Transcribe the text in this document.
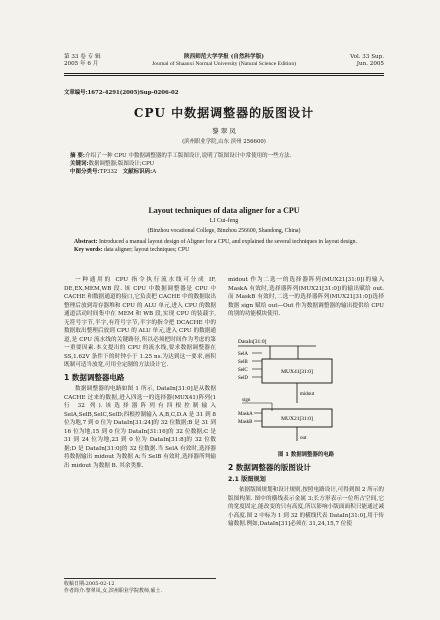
第 33 卷 专 辑
2005 年 6 月
陕西师范大学学报 (自然科学版)
Journal of Shaanxi Normal University (Natural Science Edition)
Vol. 33 Sup.
Jun. 2005
文章编号:1672-4291(2005)Sup-0206-02
CPU 中数据调整器的版图设计
黎 翠 凤
(滨州职业学院,山东 滨州 256600)
摘 要:介绍了一种 CPU 中数据调整器的手工版图设计,说明了版图设计中常使用的一些方法.
关键词:数据调整器;版图设计;CPU
中图分类号:TP332 文献标识码:A
Layout techniques of data aligner for a CPU
LI Cui-feng
(Binzhou vocational College, Binzhou 256600, Shandong, China)
Abstract: Introduced a manual layout design of Aligner for a CPU, and explained the several techniques in layout design.
Key words: data aligner; layout techniques; CPU

一种通用的 CPU 指令执行流水线可分成 IF, DE,EX,MEM,WB 段. 该 CPU 中数据调整器是 CPU 中 CACHE 和数据通道的接口,它负责把 CACHE 中的数据取出整理后放到寄存器堆和 CPU 的 ALU 单元,进入 CPU 的数据通道活动时间集中在 MEM 和 WB 段,实现 CPU 的装载字,无符号字节,半字,有符号字节,半字的指令把 DCACHE 中的数据取出整理后放到 CPU 的 ALU 单元,进入 CPU 的数据通道,是 CPU 流水线的关键路径,所以必须把时间作为考虑的第一重要因素.本文提出的 CPU 的流水线,要求数据调整器在 SS,1.62V 条件下的时钟小于 1.25 ns.为达到这一要求,画积既制可适当放宽,可用全定制的方法设计它.

1 数据调整器电路

数据调整器的电路如图 1 所示, DataIn[31:0]是从数据 CACHE 过来的数据,进入四选一的选择器(MUX41)阵列(1 行 32 列).该选择器阵列有四根控制输入 SelA,SelB,SelC,SelD;四根控制输入 A,B,C,D.A 是 31 到 8 位为地,7 到 0 位为 DataIn[31:24]的 32 位数据;B 是 31 到 16 位为地,15 到 0 位为 DataIn[31:16]的 32 位数据;C 是 31 到 24 位为地,23 到 0 位为 DataIn[31:8]的 32 位数据;D 是 DataIn[31:0]的 32 位数据.当 SelA 有效时,选择器将数据输出 midout 为数据 A;当 SelB 有效时,选择器所判输出 midout 为数据 B. 其余类推.

收稿日期:2005-02-12
作者简介:黎翠凤,女,滨州职业学院教师,硕士.

midout 作为二选一的选择器阵列(MUX21[31:0])的输入 MaskA 有效时,选择器阵列(MUX21[31:0])的输出赋给 out. 而 MaskB 有效时,二选一的选择器阵列(MUX21[31:0])选择数据 sign 赋给 out—Out 作为数据调整器的输出提供给 CPU 的别的功能模块使用.

DataIn[31:0]
SelA
SelB
SelC
SelD
MUX41[31:0]
midout
sign
MaskA
MaskB
MUX21[31:0]
out
图 1 数据调整器的电路
2 数据调整器的版图设计
2.1 版图规划

依据版图规划和设计规则,按照电路设计,可得到图 2 所示的版图构架. 图中的横线表示金属 3;长方形表示一位所占空间,它的宽度固定,能改变的只有高度,所以影响小版面面积只能通过减小高度.图 2 中标为 1 到 32 的横线代表 DataIn[31:0],用于传输数据.例如,DataIn[31]必须在 31,24,15,7 位使
